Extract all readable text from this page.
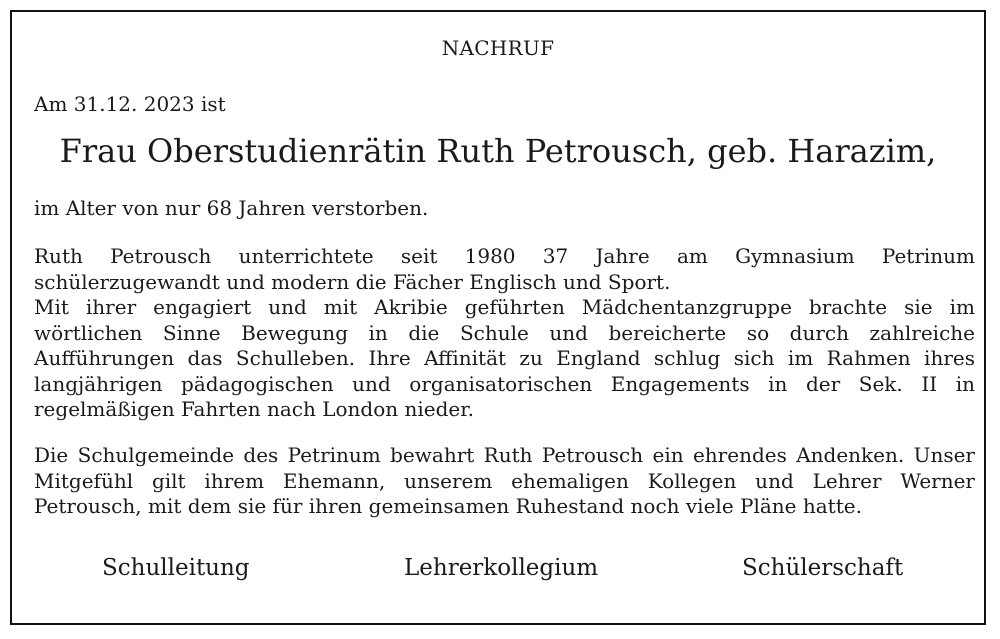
NACHRUF
Am 31.12. 2023 ist
Frau Oberstudienrätin Ruth Petrousch, geb. Harazim,
im Alter von nur 68 Jahren verstorben.
Ruth Petrousch unterrichtete seit 1980 37 Jahre am Gymnasium Petrinum schülerzugewandt und modern die Fächer Englisch und Sport.
Mit ihrer engagiert und mit Akribie geführten Mädchentanzgruppe brachte sie im wörtlichen Sinne Bewegung in die Schule und bereicherte so durch zahlreiche Aufführungen das Schulleben. Ihre Affinität zu England schlug sich im Rahmen ihres langjährigen pädagogischen und organisatorischen Engagements in der Sek. II in regelmäßigen Fahrten nach London nieder.
Die Schulgemeinde des Petrinum bewahrt Ruth Petrousch ein ehrendes Andenken. Unser Mitgefühl gilt ihrem Ehemann, unserem ehemaligen Kollegen und Lehrer Werner Petrousch, mit dem sie für ihren gemeinsamen Ruhestand noch viele Pläne hatte.
Schulleitung	Lehrerkollegium	Schülerschaft
